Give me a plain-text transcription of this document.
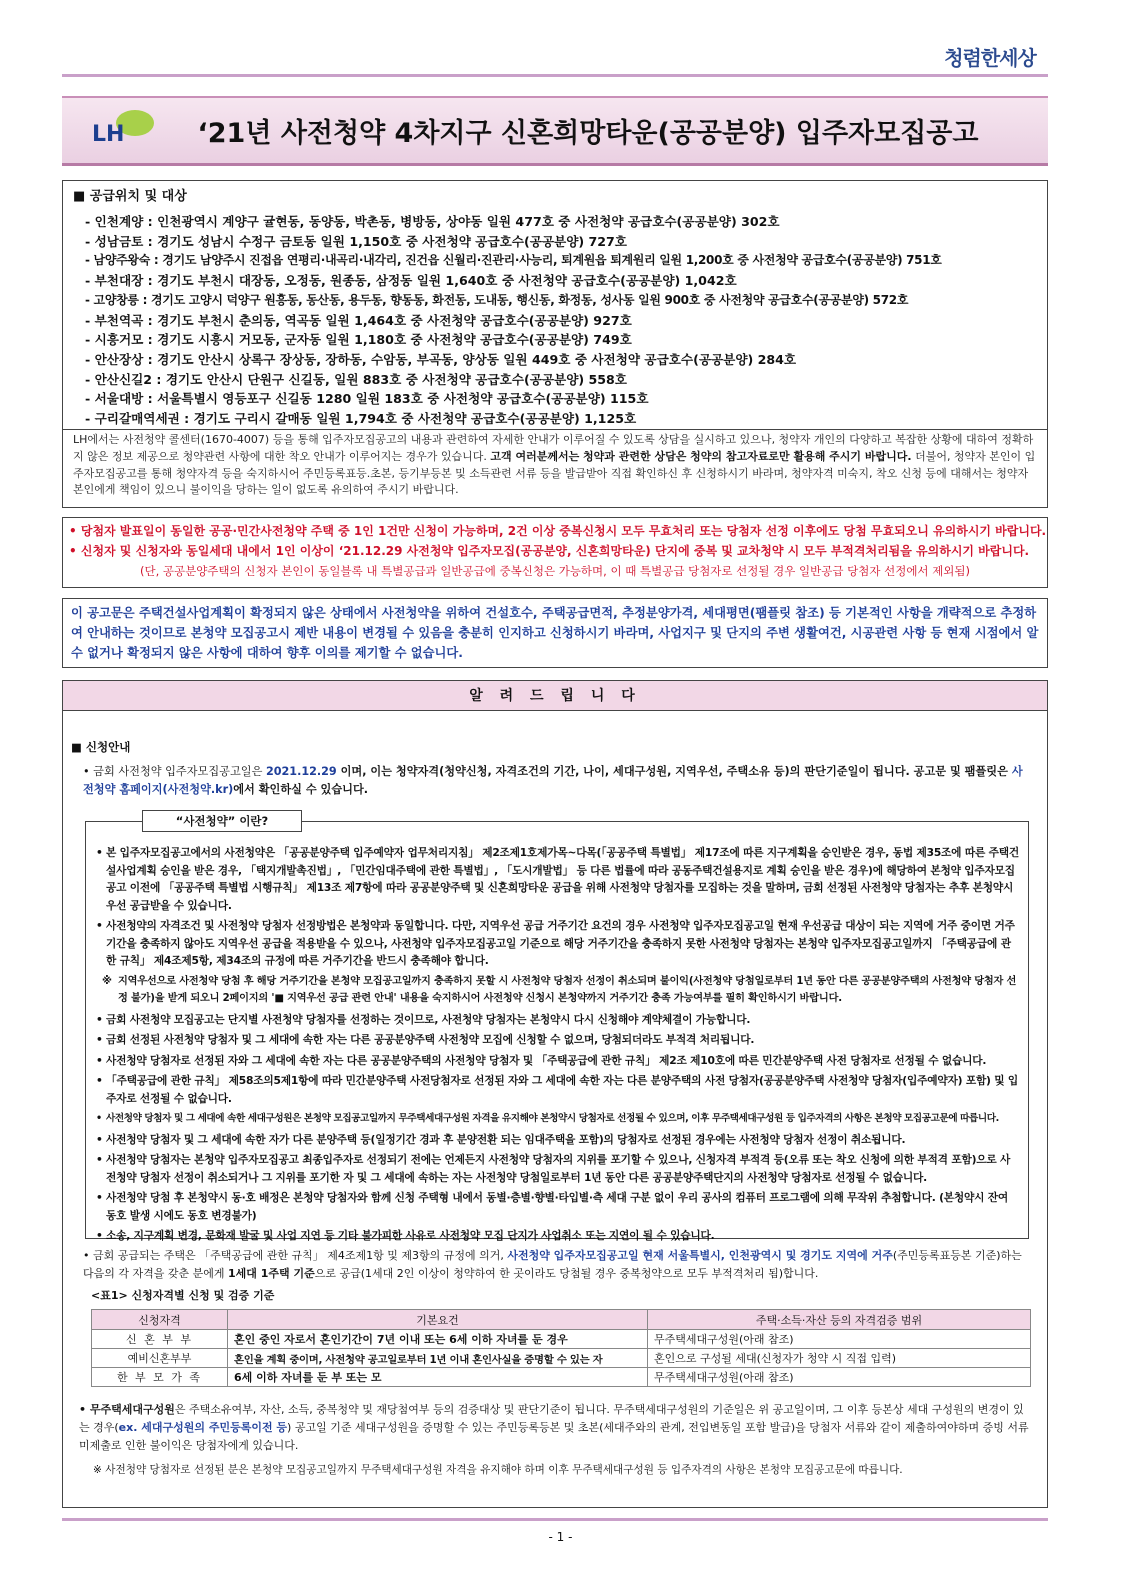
청렴한세상
LH	‘21년 사전청약 4차지구 신혼희망타운(공공분양) 입주자모집공고
■ 공급위치 및 대상
- 인천계양 : 인천광역시 계양구 귤현동, 동양동, 박촌동, 병방동, 상야동 일원 477호 중 사전청약 공급호수(공공분양) 302호
- 성남금토 : 경기도 성남시 수정구 금토동 일원 1,150호 중 사전청약 공급호수(공공분양) 727호
- 남양주왕숙 : 경기도 남양주시 진접읍 연평리·내곡리·내각리, 진건읍 신월리·진관리·사능리, 퇴계원읍 퇴계원리 일원 1,200호 중 사전청약 공급호수(공공분양) 751호
- 부천대장 : 경기도 부천시 대장동, 오정동, 원종동, 삼정동 일원 1,640호 중 사전청약 공급호수(공공분양) 1,042호
- 고양창릉 : 경기도 고양시 덕양구 원흥동, 동산동, 용두동, 향동동, 화전동, 도내동, 행신동, 화정동, 성사동 일원 900호 중 사전청약 공급호수(공공분양) 572호
- 부천역곡 : 경기도 부천시 춘의동, 역곡동 일원 1,464호 중 사전청약 공급호수(공공분양) 927호
- 시흥거모 : 경기도 시흥시 거모동, 군자동 일원 1,180호 중 사전청약 공급호수(공공분양) 749호
- 안산장상 : 경기도 안산시 상록구 장상동, 장하동, 수암동, 부곡동, 양상동 일원 449호 중 사전청약 공급호수(공공분양) 284호
- 안산신길2 : 경기도 안산시 단원구 신길동, 일원 883호 중 사전청약 공급호수(공공분양) 558호
- 서울대방 : 서울특별시 영등포구 신길동 1280 일원 183호 중 사전청약 공급호수(공공분양) 115호
- 구리갈매역세권 : 경기도 구리시 갈매동 일원 1,794호 중 사전청약 공급호수(공공분양) 1,125호
LH에서는 사전청약 콜센터(1670-4007) 등을 통해 입주자모집공고의 내용과 관련하여 자세한 안내가 이루어질 수 있도록 상담을 실시하고 있으나, 청약자 개인의 다양하고 복잡한 상황에 대하여 정확하지 않은 정보 제공으로 청약관련 사항에 대한 착오 안내가 이루어지는 경우가 있습니다. 고객 여러분께서는 청약과 관련한 상담은 청약의 참고자료로만 활용해 주시기 바랍니다. 더불어, 청약자 본인이 입주자모집공고를 통해 청약자격 등을 숙지하시어 주민등록표등.초본, 등기부등본 및 소득관련 서류 등을 발급받아 직접 확인하신 후 신청하시기 바라며, 청약자격 미숙지, 착오 신청 등에 대해서는 청약자 본인에게 책임이 있으니 불이익을 당하는 일이 없도록 유의하여 주시기 바랍니다.

• 당첨자 발표일이 동일한 공공·민간사전청약 주택 중 1인 1건만 신청이 가능하며, 2건 이상 중복신청시 모두 무효처리 또는 당첨자 선정 이후에도 당첨 무효되오니 유의하시기 바랍니다.

• 신청자 및 신청자와 동일세대 내에서 1인 이상이 ‘21.12.29 사전청약 입주자모집(공공분양, 신혼희망타운) 단지에 중복 및 교차청약 시 모두 부적격처리됨을 유의하시기 바랍니다.

(단, 공공분양주택의 신청자 본인이 동일블록 내 특별공급과 일반공급에 중복신청은 가능하며, 이 때 특별공급 당첨자로 선정될 경우 일반공급 당첨자 선정에서 제외됨)

이 공고문은 주택건설사업계획이 확정되지 않은 상태에서 사전청약을 위하여 건설호수, 주택공급면적, 추정분양가격, 세대평면(팸플릿 참조) 등 기본적인 사항을 개략적으로 추정하여 안내하는 것이므로 본청약 모집공고시 제반 내용이 변경될 수 있음을 충분히 인지하고 신청하시기 바라며, 사업지구 및 단지의 주변 생활여건, 시공관련 사항 등 현재 시점에서 알 수 없거나 확정되지 않은 사항에 대하여 향후 이의를 제기할 수 없습니다.
알 려 드 립 니 다
■ 신청안내
• 금회 사전청약 입주자모집공고일은 2021.12.29 이며, 이는 청약자격(청약신청, 자격조건의 기간, 나이, 세대구성원, 지역우선, 주택소유 등)의 판단기준일이 됩니다. 공고문 및 팸플릿은 사전청약 홈페이지(사전청약.kr)에서 확인하실 수 있습니다.
“사전청약” 이란?
• 본 입주자모집공고에서의 사전청약은 「공공분양주택 입주예약자 업무처리지침」 제2조제1호제가목~다목(「공공주택 특별법」 제17조에 따른 지구계획을 승인받은 경우, 동법 제35조에 따른 주택건설사업계획 승인을 받은 경우, 「택지개발촉진법」, 「민간임대주택에 관한 특별법」, 「도시개발법」 등 다른 법률에 따라 공동주택건설용지로 계획 승인을 받은 경우)에 해당하여 본청약 입주자모집공고 이전에 「공공주택 특별법 시행규칙」 제13조 제7항에 따라 공공분양주택 및 신혼희망타운 공급을 위해 사전청약 당첨자를 모집하는 것을 말하며, 금회 선정된 사전청약 당첨자는 추후 본청약시 우선 공급받을 수 있습니다.
• 사전청약의 자격조건 및 사전청약 당첨자 선정방법은 본청약과 동일합니다. 다만, 지역우선 공급 거주기간 요건의 경우 사전청약 입주자모집공고일 현재 우선공급 대상이 되는 지역에 거주 중이면 거주기간을 충족하지 않아도 지역우선 공급을 적용받을 수 있으나, 사전청약 입주자모집공고일 기준으로 해당 거주기간을 충족하지 못한 사전청약 당첨자는 본청약 입주자모집공고일까지 「주택공급에 관한 규칙」 제4조제5항, 제34조의 규정에 따른 거주기간을 반드시 충족해야 합니다.
※ 지역우선으로 사전청약 당첨 후 해당 거주기간을 본청약 모집공고일까지 충족하지 못할 시 사전청약 당첨자 선정이 취소되며 불이익(사전청약 당첨일로부터 1년 동안 다른 공공분양주택의 사전청약 당첨자 선정 불가)을 받게 되오니 2페이지의 '■ 지역우선 공급 관련 안내' 내용을 숙지하시어 사전청약 신청시 본청약까지 거주기간 충족 가능여부를 필히 확인하시기 바랍니다.
• 금회 사전청약 모집공고는 단지별 사전청약 당첨자를 선정하는 것이므로, 사전청약 당첨자는 본청약시 다시 신청해야 계약체결이 가능합니다.
• 금회 선정된 사전청약 당첨자 및 그 세대에 속한 자는 다른 공공분양주택 사전청약 모집에 신청할 수 없으며, 당첨되더라도 부적격 처리됩니다.
• 사전청약 당첨자로 선정된 자와 그 세대에 속한 자는 다른 공공분양주택의 사전청약 당첨자 및 「주택공급에 관한 규칙」 제2조 제10호에 따른 민간분양주택 사전 당첨자로 선정될 수 없습니다.
• 「주택공급에 관한 규칙」 제58조의5제1항에 따라 민간분양주택 사전당첨자로 선정된 자와 그 세대에 속한 자는 다른 분양주택의 사전 당첨자(공공분양주택 사전청약 당첨자(입주예약자) 포함) 및 입주자로 선정될 수 없습니다.
• 사전청약 당첨자 및 그 세대에 속한 세대구성원은 본청약 모집공고일까지 무주택세대구성원 자격을 유지해야 본청약시 당첨자로 선정될 수 있으며, 이후 무주택세대구성원 등 입주자격의 사항은 본청약 모집공고문에 따릅니다.
• 사전청약 당첨자 및 그 세대에 속한 자가 다른 분양주택 등(일정기간 경과 후 분양전환 되는 임대주택을 포함)의 당첨자로 선정된 경우에는 사전청약 당첨자 선정이 취소됩니다.
• 사전청약 당첨자는 본청약 입주자모집공고 최종입주자로 선정되기 전에는 언제든지 사전청약 당첨자의 지위를 포기할 수 있으나, 신청자격 부적격 등(오류 또는 착오 신청에 의한 부적격 포함)으로 사전청약 당첨자 선정이 취소되거나 그 지위를 포기한 자 및 그 세대에 속하는 자는 사전청약 당첨일로부터 1년 동안 다른 공공분양주택단지의 사전청약 당첨자로 선정될 수 없습니다.
• 사전청약 당첨 후 본청약시 동·호 배정은 본청약 당첨자와 함께 신청 주택형 내에서 동별·층별·향별·타입별·측 세대 구분 없이 우리 공사의 컴퓨터 프로그램에 의해 무작위 추첨합니다. (본청약시 잔여 동호 발생 시에도 동호 변경불가)
• 소송, 지구계획 변경, 문화재 발굴 및 사업 지연 등 기타 불가피한 사유로 사전청약 모집 단지가 사업취소 또는 지연이 될 수 있습니다.
• 금회 공급되는 주택은 「주택공급에 관한 규칙」 제4조제1항 및 제3항의 규정에 의거, 사전청약 입주자모집공고일 현재 서울특별시, 인천광역시 및 경기도 지역에 거주(주민등록표등본 기준)하는 다음의 각 자격을 갖춘 분에게 1세대 1주택 기준으로 공급(1세대 2인 이상이 청약하여 한 곳이라도 당첨될 경우 중복청약으로 모두 부적격처리 됨)합니다.
<표1> 신청자격별 신청 및 검증 기준
신청자격	기본요건	주택·소득·자산 등의 자격검증 범위
신 혼 부 부	혼인 중인 자로서 혼인기간이 7년 이내 또는 6세 이하 자녀를 둔 경우	무주택세대구성원(아래 참조)
예비신혼부부	혼인을 계획 중이며, 사전청약 공고일로부터 1년 이내 혼인사실을 증명할 수 있는 자	혼인으로 구성될 세대(신청자가 청약 시 직접 입력)
한 부 모 가 족	6세 이하 자녀를 둔 부 또는 모	무주택세대구성원(아래 참조)
• 무주택세대구성원은 주택소유여부, 자산, 소득, 중복청약 및 재당첨여부 등의 검증대상 및 판단기준이 됩니다. 무주택세대구성원의 기준일은 위 공고일이며, 그 이후 등본상 세대 구성원의 변경이 있는 경우(ex. 세대구성원의 주민등록이전 등) 공고일 기준 세대구성원을 증명할 수 있는 주민등록등본 및 초본(세대주와의 관계, 전입변동일 포함 발급)을 당첨자 서류와 같이 제출하여야하며 증빙 서류 미제출로 인한 불이익은 당첨자에게 있습니다.
※ 사전청약 당첨자로 선정된 분은 본청약 모집공고일까지 무주택세대구성원 자격을 유지해야 하며 이후 무주택세대구성원 등 입주자격의 사항은 본청약 모집공고문에 따릅니다.
- 1 -
